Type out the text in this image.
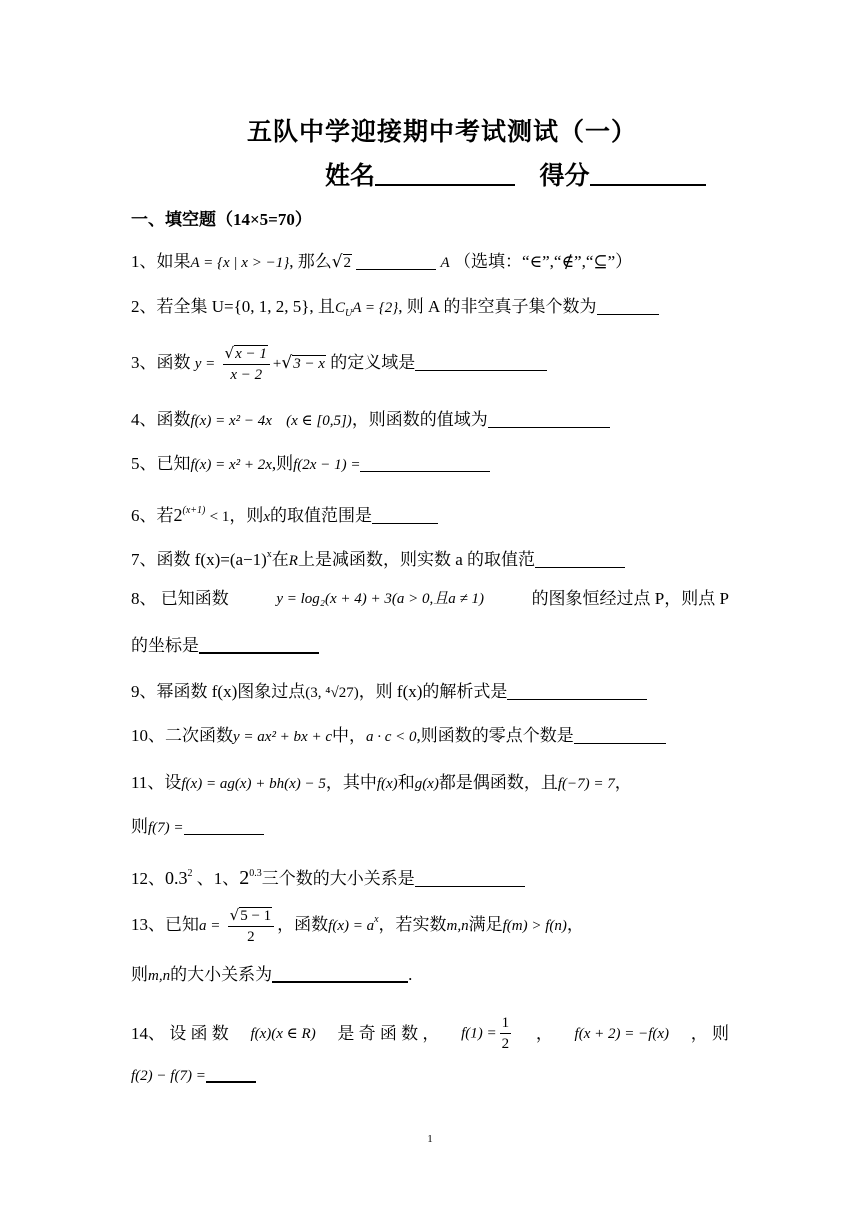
五队中学迎接期中考试测试（一）
姓名	得分
一、填空题（14×5=70）
1、如果A = {x | x > −1}, 那么√2	A （选填：“∈”,“∉”,“⊆”）
2、若全集 U={0, 1, 2, 5}, 且$C_UA = \{2\}$, 则 A 的非空真子集个数为
3、函数 $y = \frac{√x - 1}{x - 2} +√3 - x$ 的定义域是
4、函数f(x) = x² − 4x (x ∈ [0,5])，则函数的值域为
5、已知f(x) = x² + 2x,则f(2x − 1) =
6、若$2^{(x+1)} < 1$，则x的取值范围是
7、函数 $f(x)=(a-1)^x$在R上是减函数，则实数 a 的取值范
8、 已知函数	y = log₂(x + 4) + 3(a > 0,且a ≠ 1)	的图象恒经过点 P，则点 P
的坐标是
9、幂函数 f(x)图象过点(3, ⁴√27)，则 f(x)的解析式是
10、二次函数y = ax² + bx + c中，a · c < 0,则函数的零点个数是
11、设f(x) = ag(x) + bh(x) − 5，其中f(x)和g(x)都是偶函数，且f(−7) = 7，
则f(7) =
12、$0.3^2$ 、1、$2^{0.3}$三个数的大小关系是
13、已知$a = \frac{√5 - 1}{2}$ ，函数$f(x) = a^x$，若实数m,n满足f(m) > f(n)，
则m,n的大小关系为	.
14、 设 函 数 f(x)(x ∈ R) 是 奇 函 数 ， $f(1) = \frac{1}{2}$ ， f(x + 2) = −f(x) ， 则
f(2) − f(7) =
1
